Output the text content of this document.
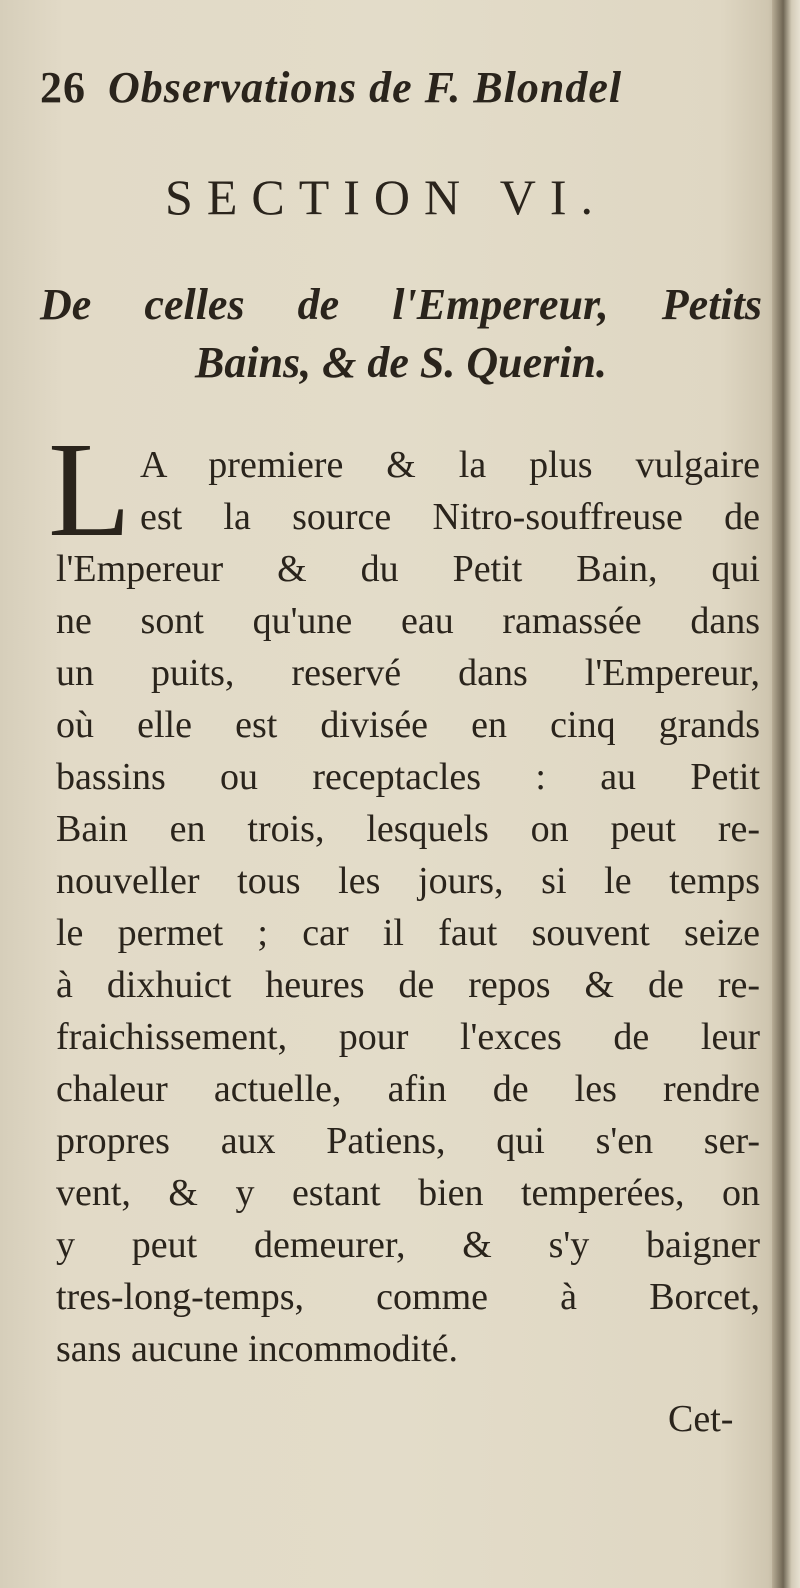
26 Observations de F. Blondel
SECTION VI.
De celles de l'Empereur, Petits
Bains, & de S. Querin.
L A premiere & la plus vulgaire
est la source Nitro-souffreuse de
l'Empereur & du Petit Bain, qui
ne sont qu'une eau ramassée dans
un puits, reservé dans l'Empereur,
où elle est divisée en cinq grands
bassins ou receptacles : au Petit
Bain en trois, lesquels on peut re-
nouveller tous les jours, si le temps
le permet ; car il faut souvent seize
à dixhuict heures de repos & de re-
fraichissement, pour l'exces de leur
chaleur actuelle, afin de les rendre
propres aux Patiens, qui s'en ser-
vent, & y estant bien temperées, on
y peut demeurer, & s'y baigner
tres-long-temps, comme à Borcet,
sans aucune incommodité.
Cet-
